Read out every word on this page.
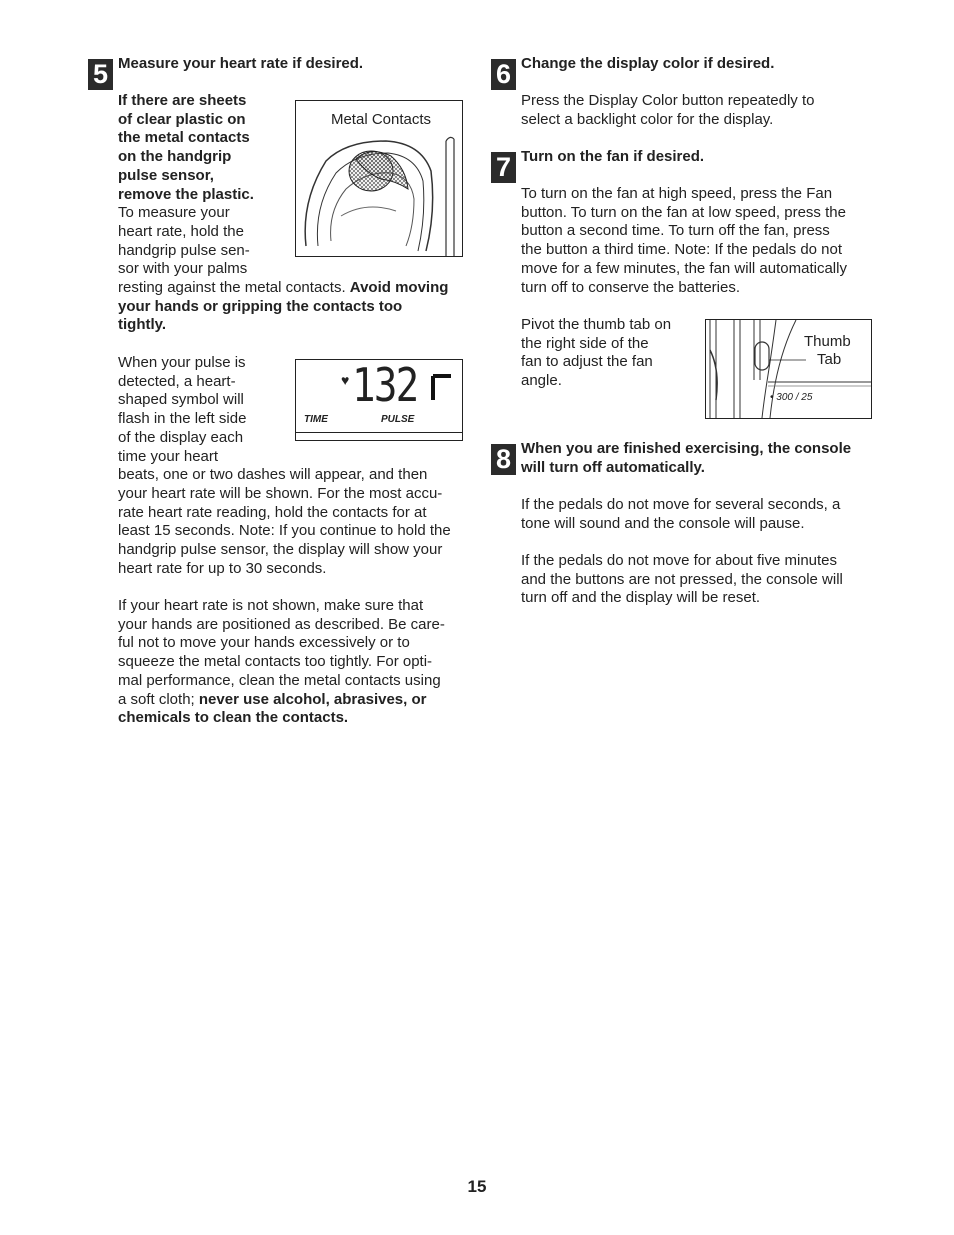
5 Measure your heart rate if desired.

If there are sheets

of clear plastic on

the metal contacts

on the handgrip

pulse sensor,

remove the plastic.

To measure your

heart rate, hold the

handgrip pulse sen-

sor with your palms

resting against the metal contacts. Avoid moving

your hands or gripping the contacts too

tightly.

Metal Contacts

When your pulse is

detected, a heart-

shaped symbol will

flash in the left side

of the display each

time your heart

beats, one or two dashes will appear, and then

your heart rate will be shown. For the most accu-

rate heart rate reading, hold the contacts for at

least 15 seconds. Note: If you continue to hold the

handgrip pulse sensor, the display will show your

heart rate for up to 30 seconds.

♥ 132
TIME	PULSE

If your heart rate is not shown, make sure that

your hands are positioned as described. Be care-

ful not to move your hands excessively or to

squeeze the metal contacts too tightly. For opti-

mal performance, clean the metal contacts using

a soft cloth; never use alcohol, abrasives, or

chemicals to clean the contacts.

6 Change the display color if desired.

Press the Display Color button repeatedly to

select a backlight color for the display.

7 Turn on the fan if desired.

To turn on the fan at high speed, press the Fan

button. To turn on the fan at low speed, press the

button a second time. To turn off the fan, press

the button a third time. Note: If the pedals do not

move for a few minutes, the fan will automatically

turn off to conserve the batteries.

Pivot the thumb tab on

the right side of the

fan to adjust the fan

angle.

Thumb
Tab
• 300 / 25
8 When you are finished exercising, the console

will turn off automatically.

If the pedals do not move for several seconds, a

tone will sound and the console will pause.

If the pedals do not move for about five minutes

and the buttons are not pressed, the console will

turn off and the display will be reset.

15
